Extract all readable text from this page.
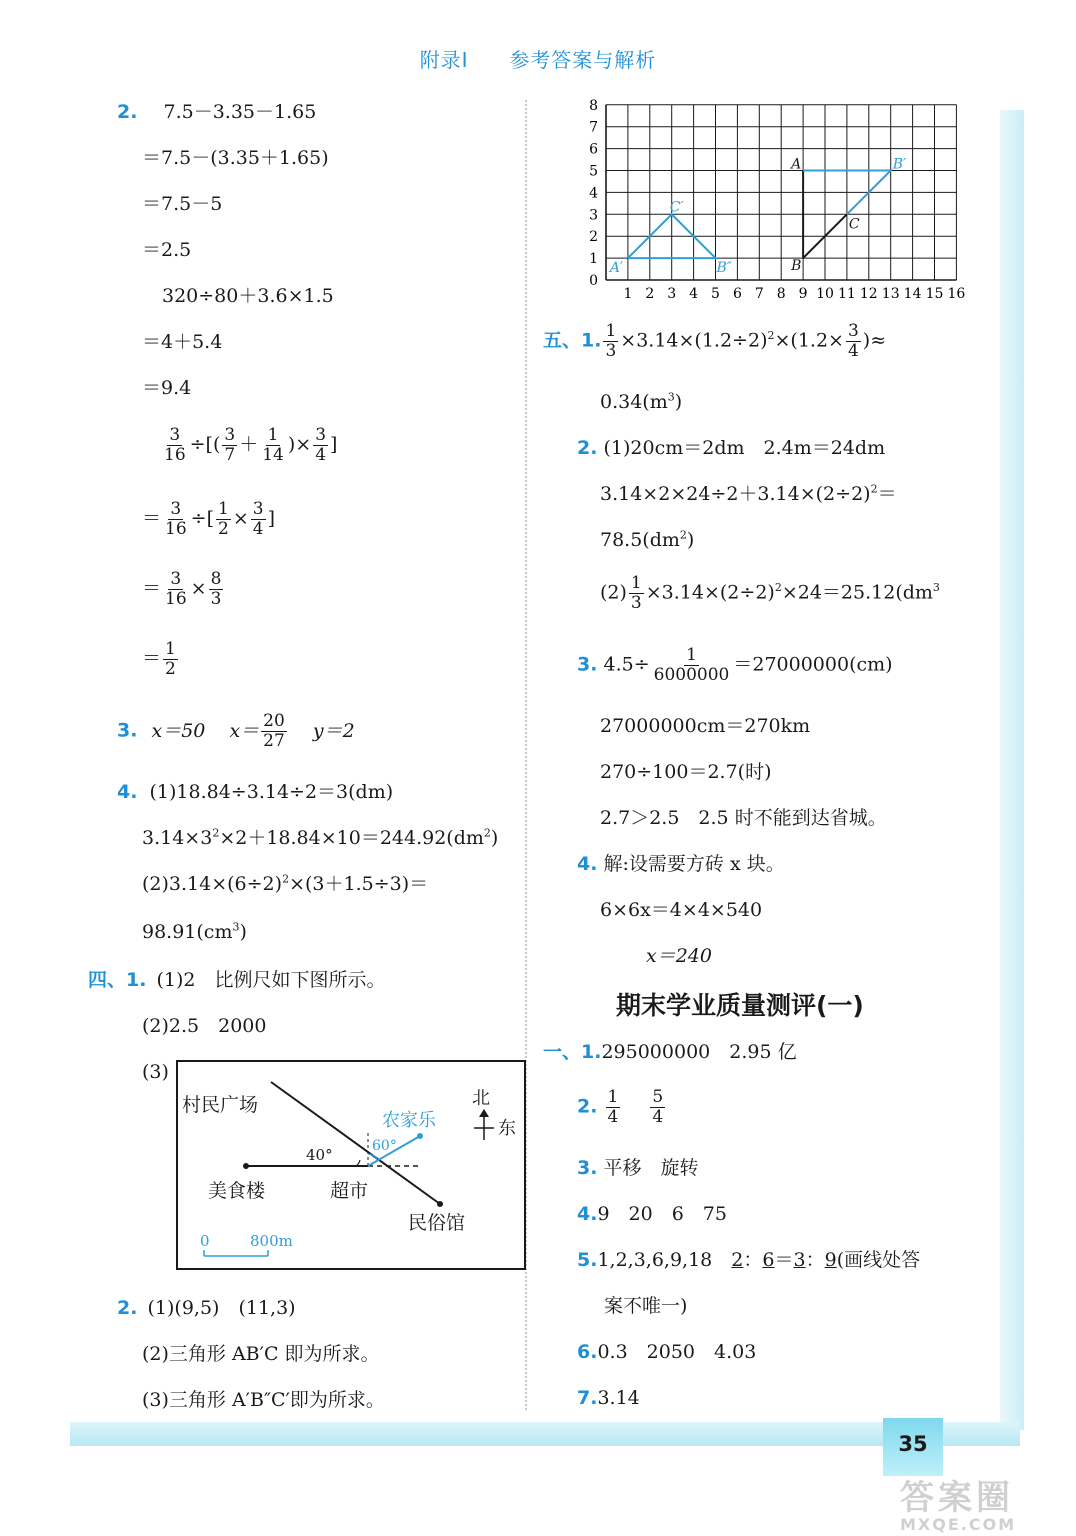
附录Ⅰ 参考答案与解析
35
答案圈
MXQE.COM
2. 7.5－3.35－1.65
＝7.5－(3.35＋1.65)
＝7.5－5
＝2.5
320÷80＋3.6×1.5
＝4＋5.4
＝9.4
$\frac{3}{16}$ ÷[( $\frac{3}{7} + \frac{1}{14}$ )× $\frac{3}{4}$ ]
＝ $\frac{3}{16}$ ÷[ $\frac{1}{2} \times \frac{3}{4}$ ]
＝ $\frac{3}{16} \times \frac{8}{3}$
＝ $\frac{1}{2}$
3. x＝50 $x= \frac{20}{27} y=2$
4. (1)18.84÷3.14÷2＝3(dm)
$3.14\times 3^2\times 2+18.84\times 10=244.92(dm^2)$
$(2)3.14\times(6\div 2)^2\times(3+1.5\div 3)=$
$98.91(cm^3)$
四、1. (1)2　比例尺如下图所示。
(2)2.5　2000
(3)
村民广场
美食楼	超市
民俗馆
农家乐
北
东
40°	60°
0	800m
2. (1)(9,5)　(11,3)
(2)三角形 AB′C 即为所求。
(3)三角形 A′B″C′即为所求。
8
7
6
5
4
3
2
1
0
1 2 3 4 5 6 7 8 9 10 11 12 13 14 15 16
A
B
C
B′
A′
C′
B″
五、1. $\frac{1}{3} \times 3.14\times(1.2\div 2)^2\times(1.2\times \frac{3}{4}$ )≈
$0.34(m^3)$
2. (1)20cm＝2dm　2.4m＝24dm
$3.14\times 2\times 24\div 2+3.14\times(2\div 2)^2=$
$78.5(dm^2)$
$(2) \frac{1}{3} \times 3.14\times(2\div 2)^2\times 24=25.12(dm^3$
3. $4.5\div \frac{1}{6000000} =27000000(cm)$
27000000cm＝270km
270÷100＝2.7(时)
2.7＞2.5　2.5 时不能到达省城。
4. 解:设需要方砖 x 块。
6×6x＝4×4×540
x＝240
期末学业质量测评(一)
一、1.295000000　2.95 亿
2. $\frac{1}{4}$
$\frac{5}{4}$
3. 平移　旋转
4.9　20　6　75
5.1,2,3,6,9,18　2：6＝3：9(画线处答
案不唯一)
6.0.3　2050　4.03
7.3.14
